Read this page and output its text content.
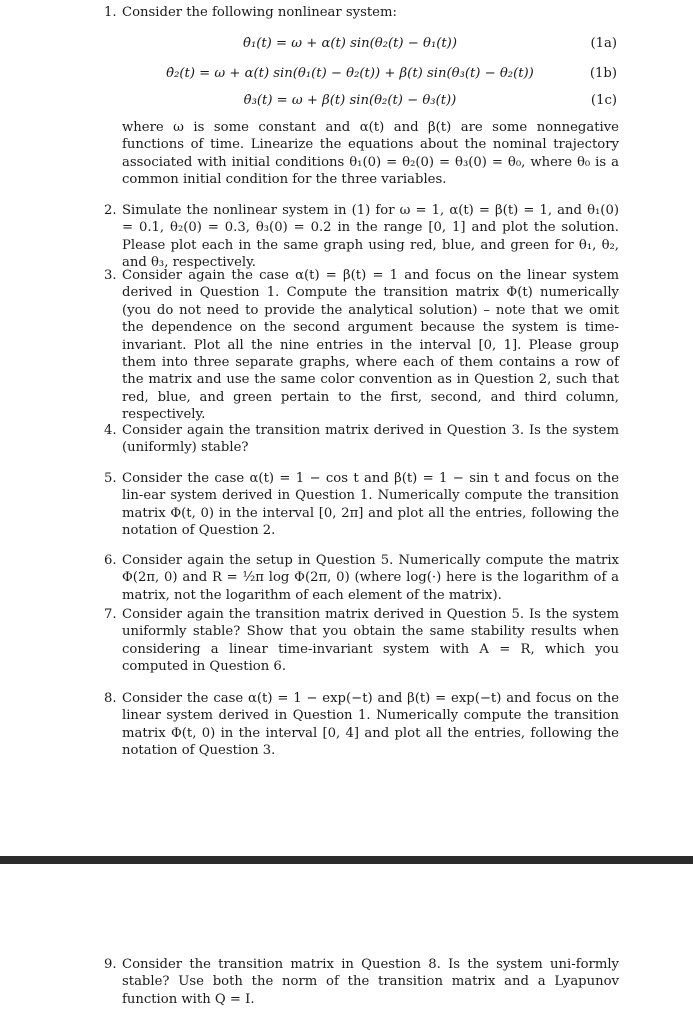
1. Consider the following nonlinear system:
θ̇₁(t) = ω + α(t) sin(θ₂(t) − θ₁(t))	(1a)
θ̇₂(t) = ω + α(t) sin(θ₁(t) − θ₂(t)) + β(t) sin(θ₃(t) − θ₂(t))	(1b)
θ̇₃(t) = ω + β(t) sin(θ₂(t) − θ₃(t))	(1c)
where ω is some constant and α(t) and β(t) are some nonnegative functions of time. Linearize the equations about the nominal trajectory associated with initial conditions θ₁(0) = θ₂(0) = θ₃(0) = θ₀, where θ₀ is a common initial condition for the three variables.
2. Simulate the nonlinear system in (1) for ω = 1, α(t) = β(t) = 1, and θ₁(0) = 0.1, θ₂(0) = 0.3, θ₃(0) = 0.2 in the range [0, 1] and plot the solution. Please plot each in the same graph using red, blue, and green for θ₁, θ₂, and θ₃, respectively.
3. Consider again the case α(t) = β(t) = 1 and focus on the linear system derived in Question 1. Compute the transition matrix Φ(t) numerically (you do not need to provide the analytical solution) – note that we omit the dependence on the second argument because the system is time-invariant. Plot all the nine entries in the interval [0, 1]. Please group them into three separate graphs, where each of them contains a row of the matrix and use the same color convention as in Question 2, such that red, blue, and green pertain to the first, second, and third column, respectively.
4. Consider again the transition matrix derived in Question 3. Is the system (uniformly) stable?
5. Consider the case α(t) = 1 − cos t and β(t) = 1 − sin t and focus on the lin-ear system derived in Question 1. Numerically compute the transition matrix Φ(t, 0) in the interval [0, 2π] and plot all the entries, following the notation of Question 2.
6. Consider again the setup in Question 5. Numerically compute the matrix Φ(2π, 0) and R = ¹⁄₂π log Φ(2π, 0) (where log(·) here is the logarithm of a matrix, not the logarithm of each element of the matrix).
7. Consider again the transition matrix derived in Question 5. Is the system uniformly stable? Show that you obtain the same stability results when considering a linear time-invariant system with A = R, which you computed in Question 6.
8. Consider the case α(t) = 1 − exp(−t) and β(t) = exp(−t) and focus on the linear system derived in Question 1. Numerically compute the transition matrix Φ(t, 0) in the interval [0, 4] and plot all the entries, following the notation of Question 3.
9. Consider the transition matrix in Question 8. Is the system uni-formly stable? Use both the norm of the transition matrix and a Lyapunov function with Q = I.
